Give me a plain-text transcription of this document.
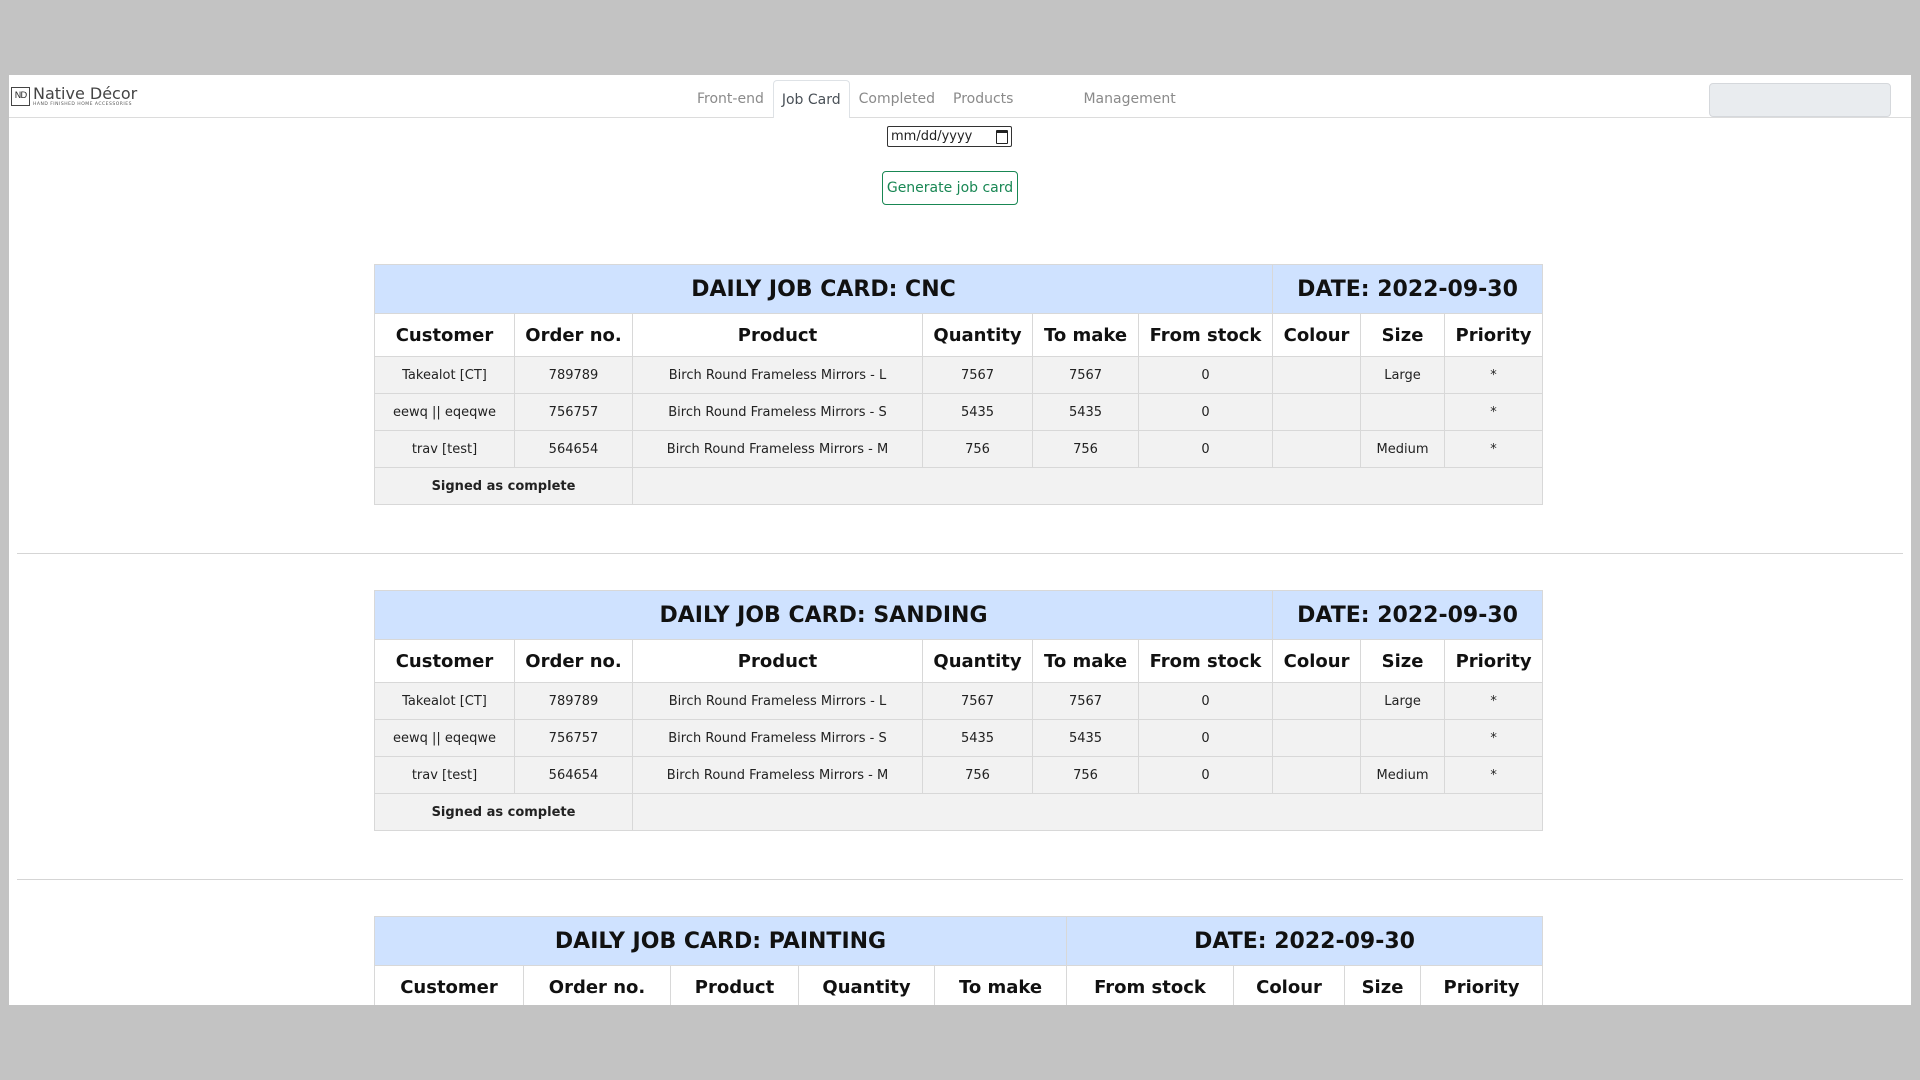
ND Native Décor
HAND FINISHED HOME ACCESSORIES	Front-end	Job Card	Completed	Products	Management
mm/dd/yyyy
Generate job card
DAILY JOB CARD: CNC						DATE: 2022-09-30		
Customer	Order no.	Product	Quantity	To make	From stock	Colour	Size	Priority
Takealot [CT]	789789	Birch Round Frameless Mirrors - L	7567	7567	0		Large	*
eewq || eqeqwe	756757	Birch Round Frameless Mirrors - S	5435	5435	0			*
trav [test]	564654	Birch Round Frameless Mirrors - M	756	756	0		Medium	*
Signed as complete								
DAILY JOB CARD: SANDING						DATE: 2022-09-30		
Customer	Order no.	Product	Quantity	To make	From stock	Colour	Size	Priority
Takealot [CT]	789789	Birch Round Frameless Mirrors - L	7567	7567	0		Large	*
eewq || eqeqwe	756757	Birch Round Frameless Mirrors - S	5435	5435	0			*
trav [test]	564654	Birch Round Frameless Mirrors - M	756	756	0		Medium	*
Signed as complete								
DAILY JOB CARD: PAINTING					DATE: 2022-09-30			
Customer	Order no.	Product	Quantity	To make	From stock	Colour	Size	Priority
